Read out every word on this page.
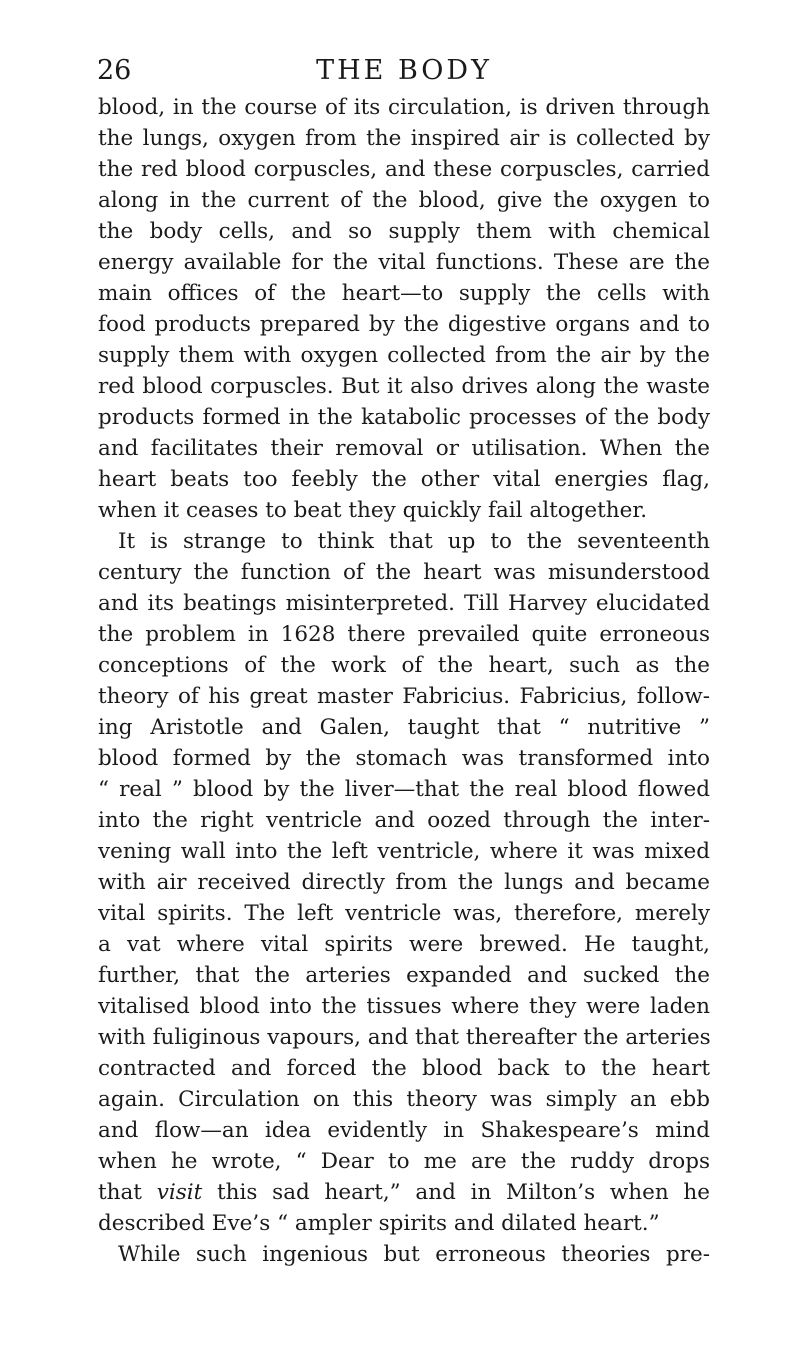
26	THE BODY
blood, in the course of its circulation, is driven through
the lungs, oxygen from the inspired air is collected by
the red blood corpuscles, and these corpuscles, carried
along in the current of the blood, give the oxygen to
the body cells, and so supply them with chemical
energy available for the vital functions. These are the
main offices of the heart—to supply the cells with
food products prepared by the digestive organs and to
supply them with oxygen collected from the air by the
red blood corpuscles. But it also drives along the waste
products formed in the katabolic processes of the body
and facilitates their removal or utilisation. When the
heart beats too feebly the other vital energies flag,
when it ceases to beat they quickly fail altogether.
It is strange to think that up to the seventeenth
century the function of the heart was misunderstood
and its beatings misinterpreted. Till Harvey elucidated
the problem in 1628 there prevailed quite erroneous
conceptions of the work of the heart, such as the
theory of his great master Fabricius. Fabricius, follow-
ing Aristotle and Galen, taught that “ nutritive ”
blood formed by the stomach was transformed into
“ real ” blood by the liver—that the real blood flowed
into the right ventricle and oozed through the inter-
vening wall into the left ventricle, where it was mixed
with air received directly from the lungs and became
vital spirits. The left ventricle was, therefore, merely
a vat where vital spirits were brewed. He taught,
further, that the arteries expanded and sucked the
vitalised blood into the tissues where they were laden
with fuliginous vapours, and that thereafter the arteries
contracted and forced the blood back to the heart
again. Circulation on this theory was simply an ebb
and flow—an idea evidently in Shakespeare’s mind
when he wrote, “ Dear to me are the ruddy drops
that visit this sad heart,” and in Milton’s when he
described Eve’s “ ampler spirits and dilated heart.”
While such ingenious but erroneous theories pre-
